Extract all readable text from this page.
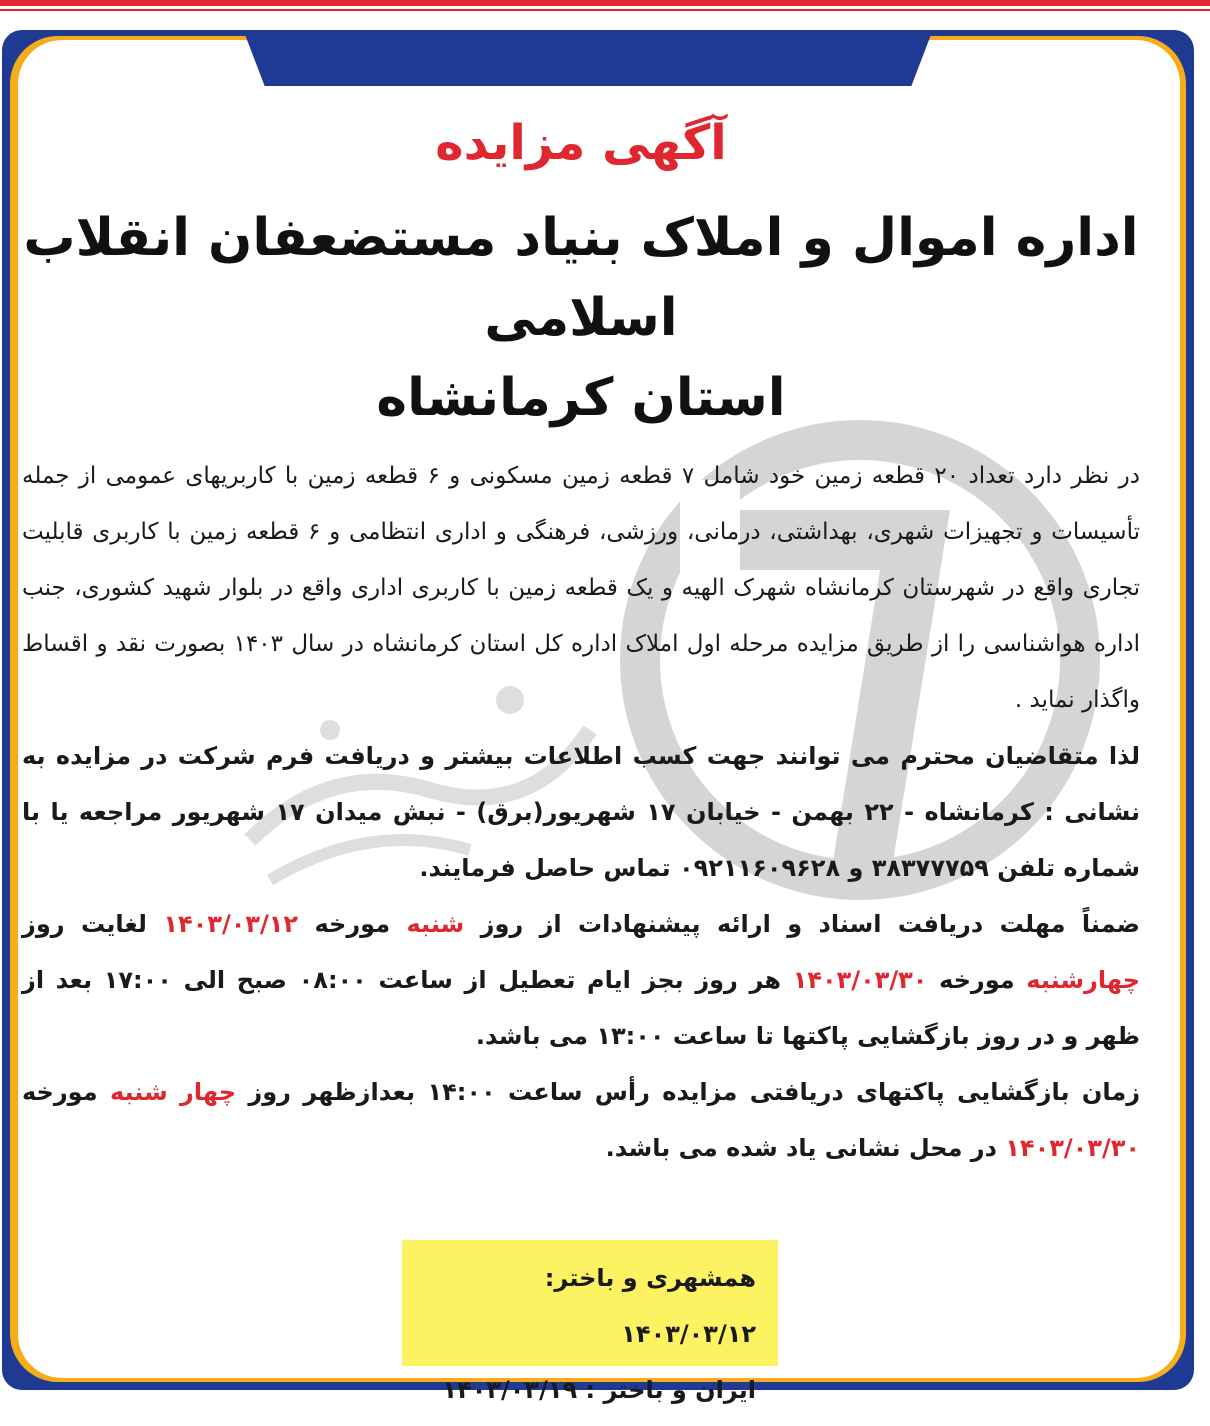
آگهی مزایده
اداره اموال و املاک بنیاد مستضعفان انقلاب اسلامی
استان کرمانشاه

در نظر دارد تعداد ۲۰ قطعه زمین خود شامل ۷ قطعه زمین مسکونی و ۶ قطعه زمین با کاربریهای عمومی از جمله تأسیسات و تجهیزات شهری، بهداشتی، درمانی، ورزشی، فرهنگی و اداری انتظامی و ۶ قطعه زمین با کاربری قابلیت تجاری واقع در شهرستان کرمانشاه شهرک الهیه و یک قطعه زمین با کاربری اداری واقع در بلوار شهید کشوری، جنب اداره هواشناسی را از طریق مزایده مرحله اول املاک اداره کل استان کرمانشاه در سال ۱۴۰۳ بصورت نقد و اقساط واگذار نماید .

لذا متقاضیان محترم می توانند جهت کسب اطلاعات بیشتر و دریافت فرم شرکت در مزایده به نشانی : کرمانشاه - ۲۲ بهمن - خیابان ۱۷ شهریور(برق) - نبش میدان ۱۷ شهریور مراجعه یا با شماره تلفن ۳۸۳۷۷۷۵۹ و ۰۹۲۱۱۶۰۹۶۲۸ تماس حاصل فرمایند.

ضمناً مهلت دریافت اسناد و ارائه پیشنهادات از روز شنبه مورخه ۱۴۰۳/۰۳/۱۲ لغایت روز چهارشنبه مورخه ۱۴۰۳/۰۳/۳۰ هر روز بجز ایام تعطیل از ساعت ۰۸:۰۰ صبح الی ۱۷:۰۰ بعد از ظهر و در روز بازگشایی پاکتها تا ساعت ۱۳:۰۰ می باشد.

زمان بازگشایی پاکتهای دریافتی مزایده رأس ساعت ۱۴:۰۰ بعدازظهر روز چهار شنبه مورخه ۱۴۰۳/۰۳/۳۰ در محل نشانی یاد شده می باشد.

همشهری و باختر: ۱۴۰۳/۰۳/۱۲

ایران و باختر : ۱۴۰۳/۰۳/۱۹
